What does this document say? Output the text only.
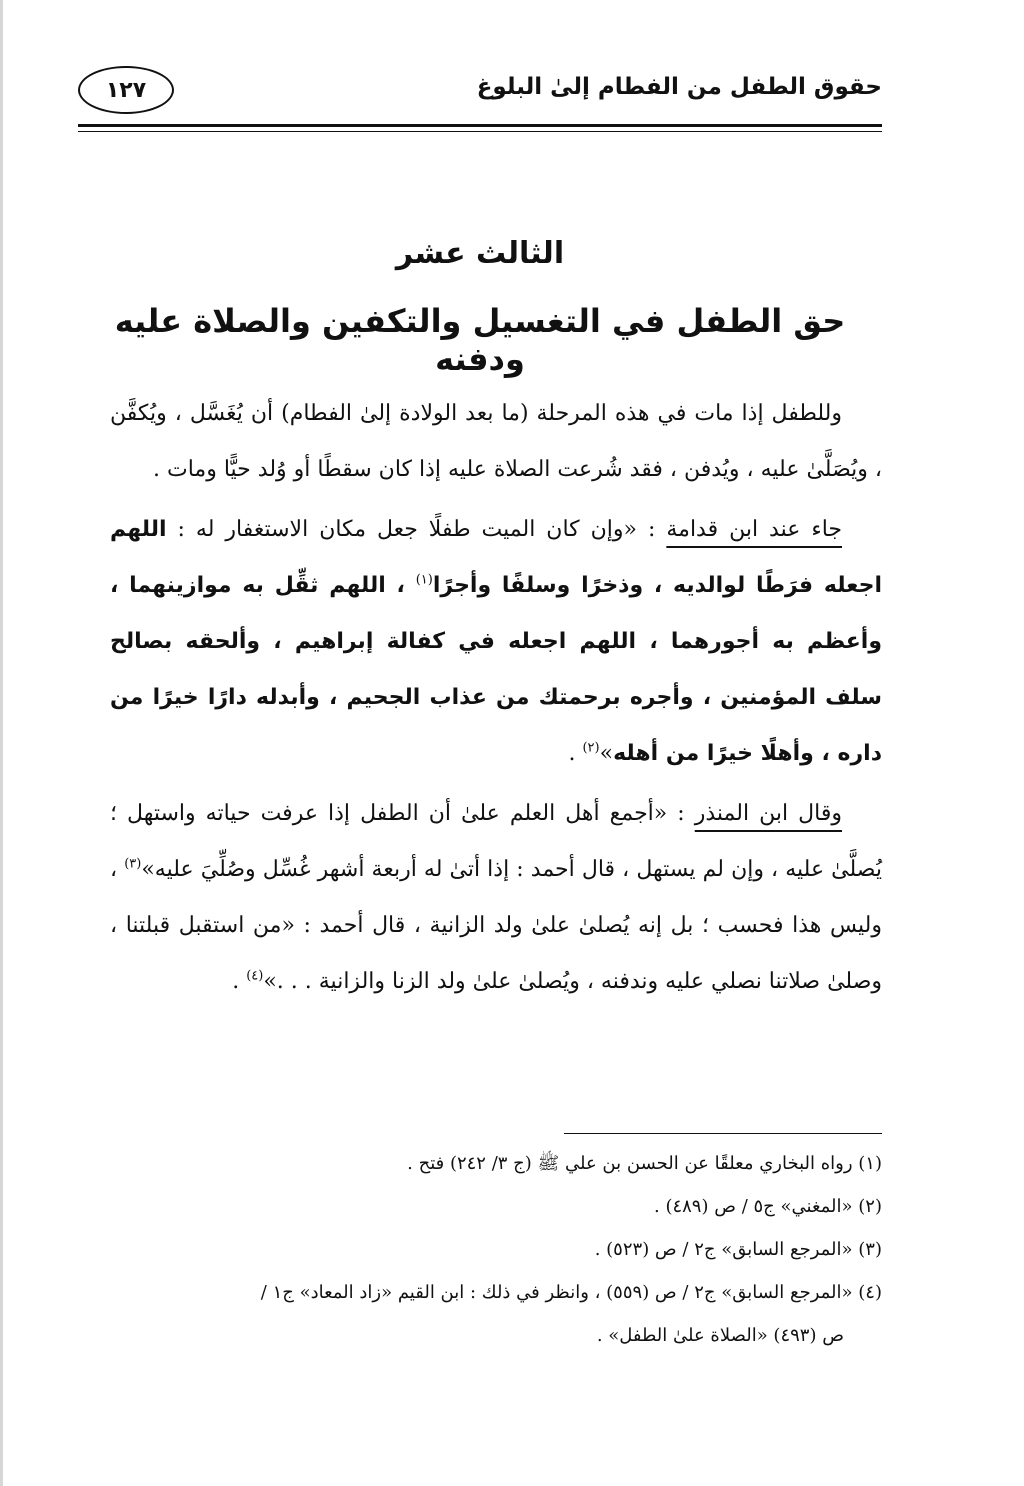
حقوق الطفل من الفطام إلىٰ البلوغ
١٢٧
الثالث عشر
حق الطفل في التغسيل والتكفين والصلاة عليه ودفنه

وللطفل إذا مات في هذه المرحلة (ما بعد الولادة إلىٰ الفطام) أن يُغَسَّل ، ويُكفَّن ، ويُصَلَّىٰ عليه ، ويُدفن ، فقد شُرعت الصلاة عليه إذا كان سقطًا أو وُلد حيًّا ومات .

جاء عند ابن قدامة : «وإن كان الميت طفلًا جعل مكان الاستغفار له : اللهم اجعله فرَطًا لوالديه ، وذخرًا وسلفًا وأجرًا$^{(١)}$ ، اللهم ثقِّل به موازينهما ، وأعظم به أجورهما ، اللهم اجعله في كفالة إبراهيم ، وألحقه بصالح سلف المؤمنين ، وأجره برحمتك من عذاب الجحيم ، وأبدله دارًا خيرًا من داره ، وأهلًا خيرًا من أهله»$^{(٢)}$ .

وقال ابن المنذر : «أجمع أهل العلم علىٰ أن الطفل إذا عرفت حياته واستهل ؛ يُصلَّىٰ عليه ، وإن لم يستهل ، قال أحمد : إذا أتىٰ له أربعة أشهر غُسِّل وصُلِّيَ عليه»$^{(٣)}$ ، وليس هذا فحسب ؛ بل إنه يُصلىٰ علىٰ ولد الزانية ، قال أحمد : «من استقبل قبلتنا ، وصلىٰ صلاتنا نصلي عليه وندفنه ، ويُصلىٰ علىٰ ولد الزنا والزانية . . .»$^{(٤)}$ .

(١) رواه البخاري معلقًا عن الحسن بن علي ﷺ (ج ٣/ ٢٤٢) فتح .

(٢) «المغني» ج٥ / ص (٤٨٩) .

(٣) «المرجع السابق» ج٢ / ص (٥٢٣) .

(٤) «المرجع السابق» ج٢ / ص (٥٥٩) ، وانظر في ذلك : ابن القيم «زاد المعاد» ج١ /

ص (٤٩٣) «الصلاة علىٰ الطفل» .
